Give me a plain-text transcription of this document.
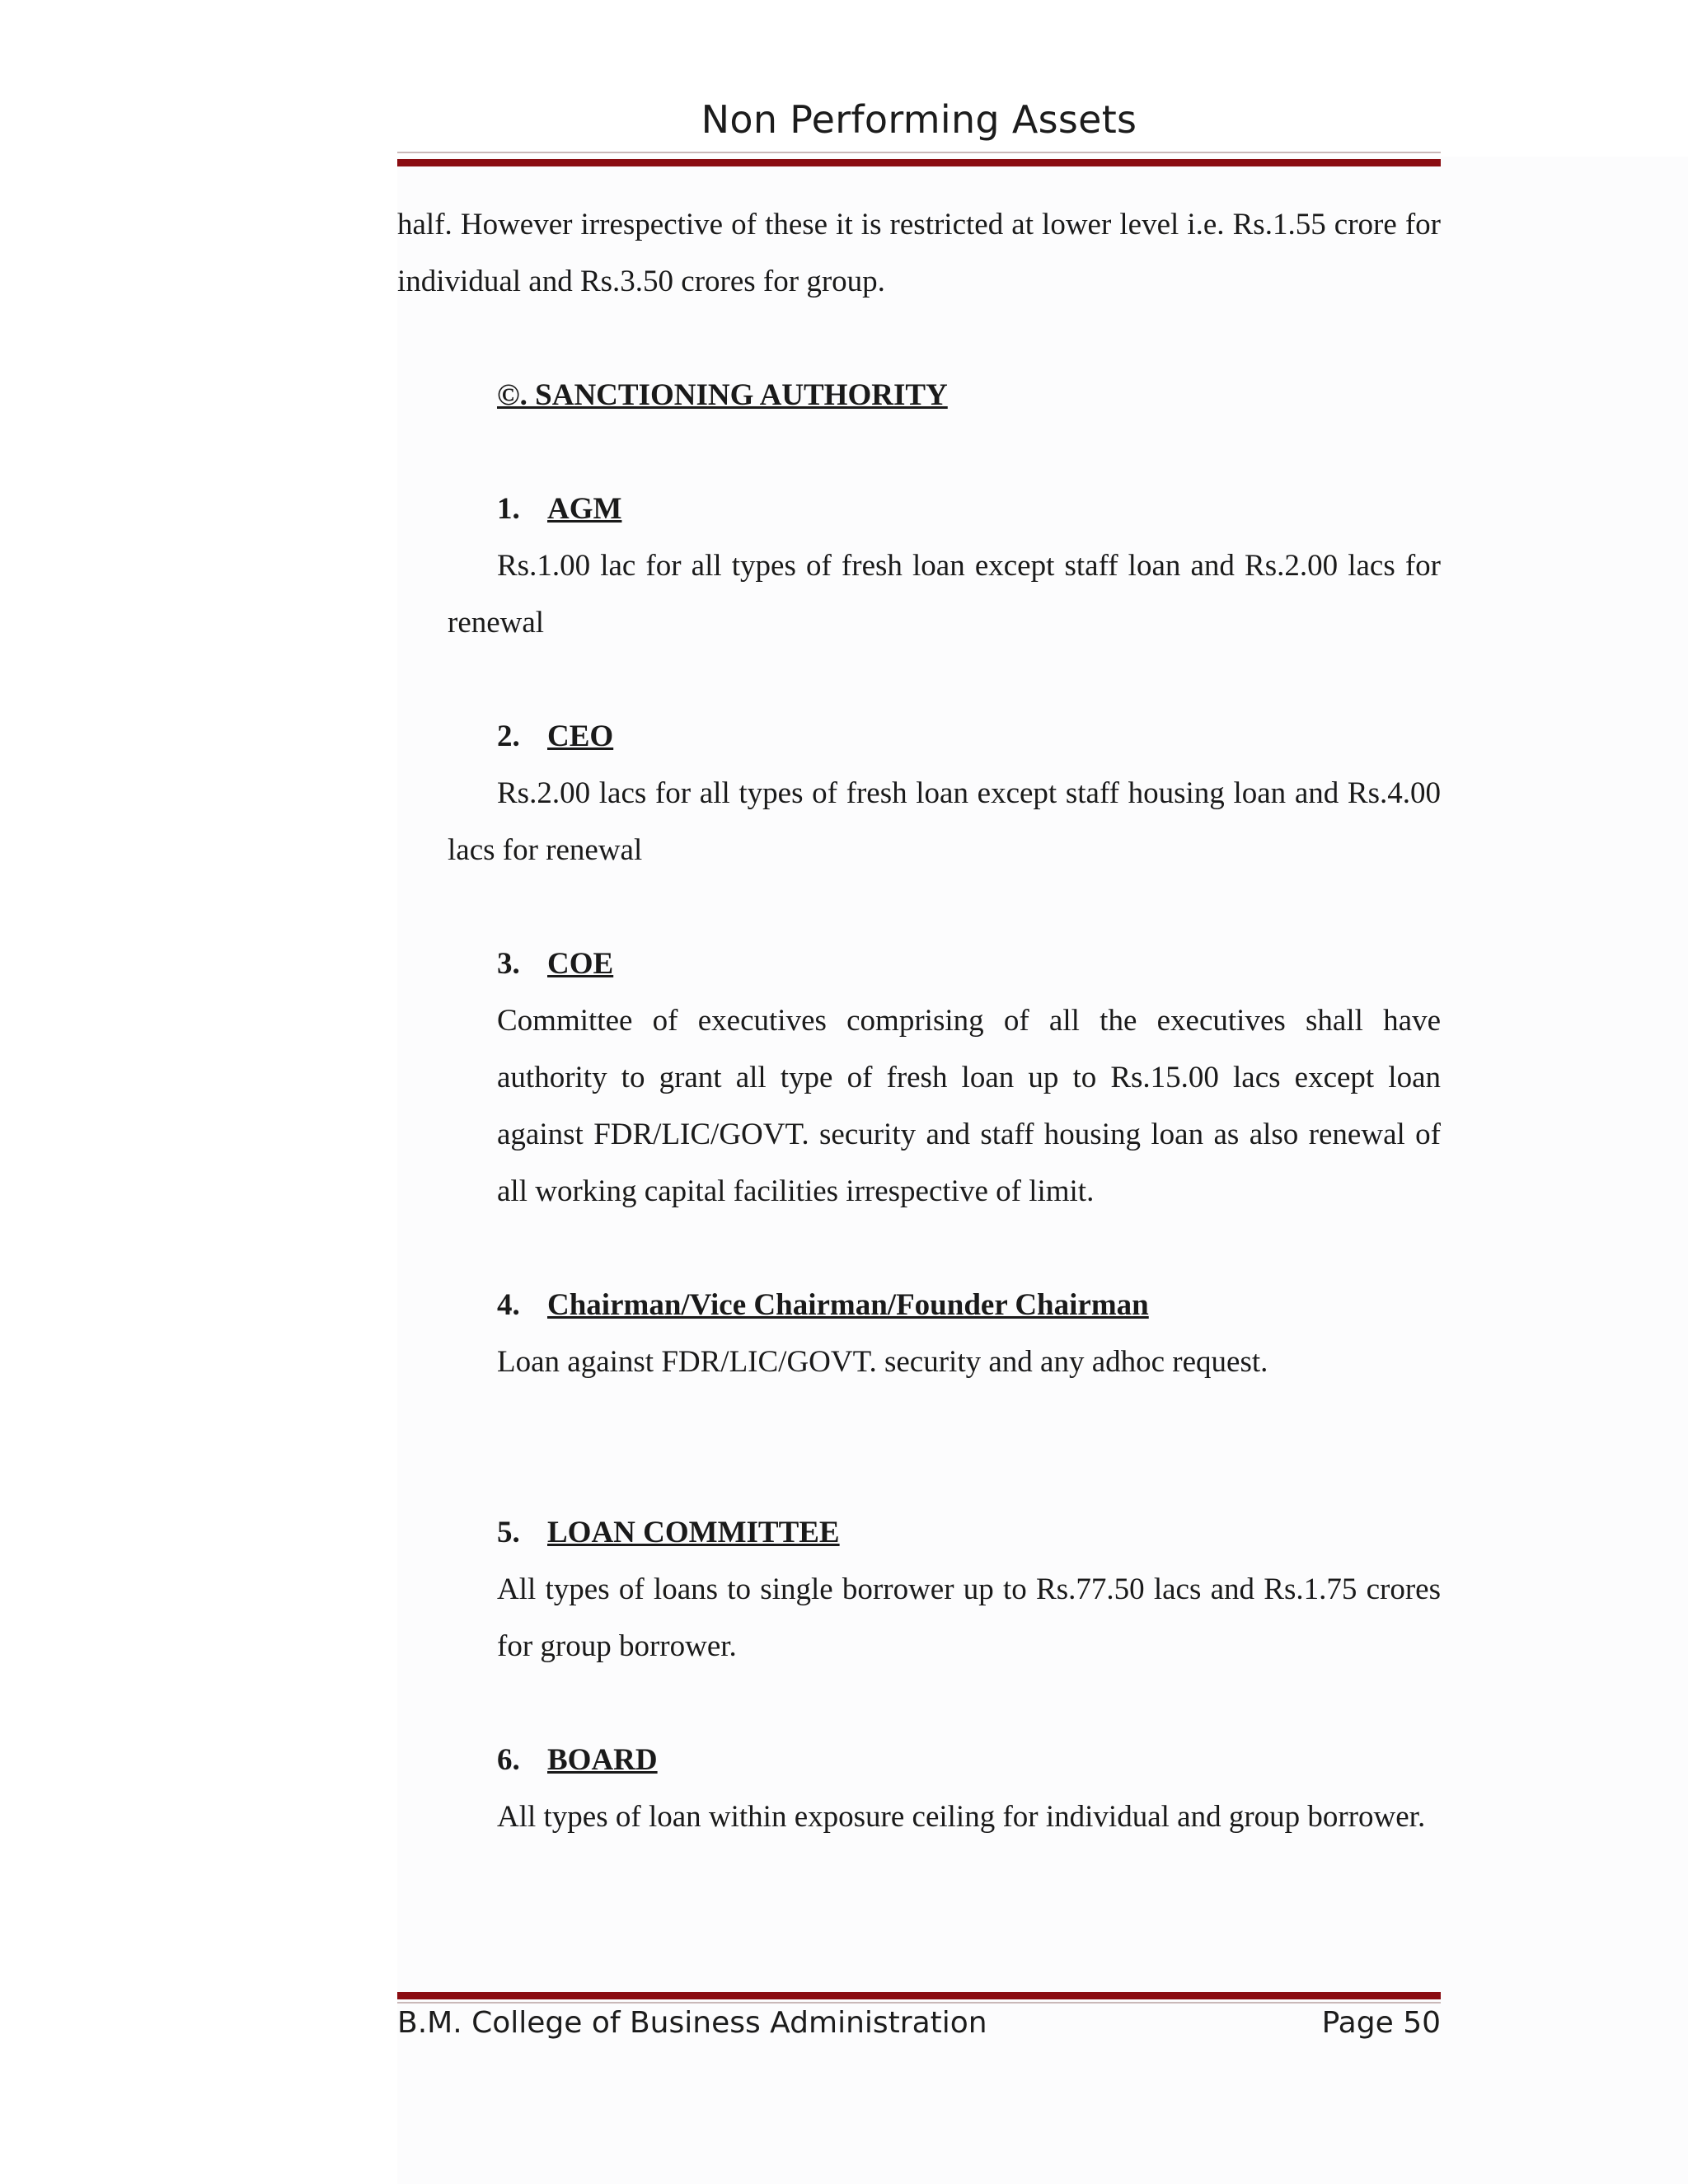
Non Performing Assets

half. However irrespective of these it is restricted at lower level i.e. Rs.1.55 crore for individual and Rs.3.50 crores for group.

©. SANCTIONING AUTHORITY
1. AGM

Rs.1.00 lac for all types of fresh loan except staff loan and Rs.2.00 lacs for renewal

2. CEO

Rs.2.00 lacs for all types of fresh loan except staff housing loan and Rs.4.00 lacs for renewal

3. COE

Committee of executives comprising of all the executives shall have authority to grant all type of fresh loan up to Rs.15.00 lacs except loan against FDR/LIC/GOVT. security and staff housing loan as also renewal of all working capital facilities irrespective of limit.

4. Chairman/Vice Chairman/Founder Chairman

Loan against FDR/LIC/GOVT. security and any adhoc request.

5. LOAN COMMITTEE

All types of loans to single borrower up to Rs.77.50 lacs and Rs.1.75 crores for group borrower.

6. BOARD

All types of loan within exposure ceiling for individual and group borrower.

B.M. College of Business Administration	Page 50
